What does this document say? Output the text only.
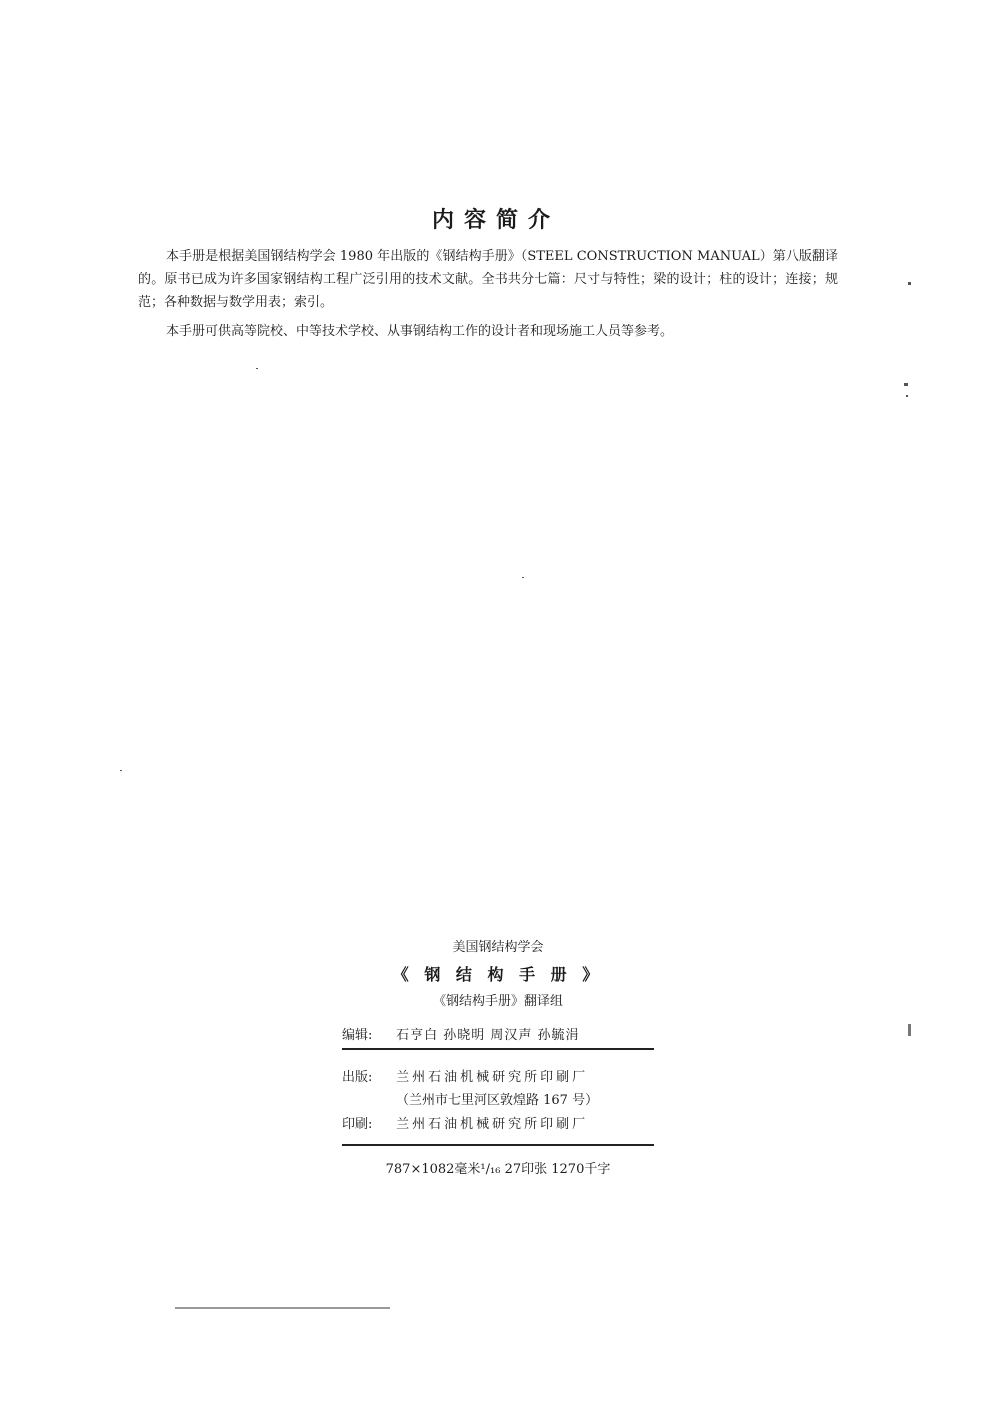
内容简介
本手册是根据美国钢结构学会 1980 年出版的《钢结构手册》（STEEL CONSTRUCTION MANUAL）第八版翻译的。原书已成为许多国家钢结构工程广泛引用的技术文献。全书共分七篇：尺寸与特性；梁的设计；柱的设计；连接；规范；各种数据与数学用表；索引。
本手册可供高等院校、中等技术学校、从事钢结构工作的设计者和现场施工人员等参考。
美国钢结构学会
《 钢 结 构 手 册 》
《钢结构手册》翻译组
编辑: 石亨白 孙晓明 周汉声 孙毓涓
出版: 兰州石油机械研究所印刷厂
（兰州市七里河区敦煌路 167 号）
印刷: 兰州石油机械研究所印刷厂
787×1082毫米¹/₁₆ 27印张 1270千字
